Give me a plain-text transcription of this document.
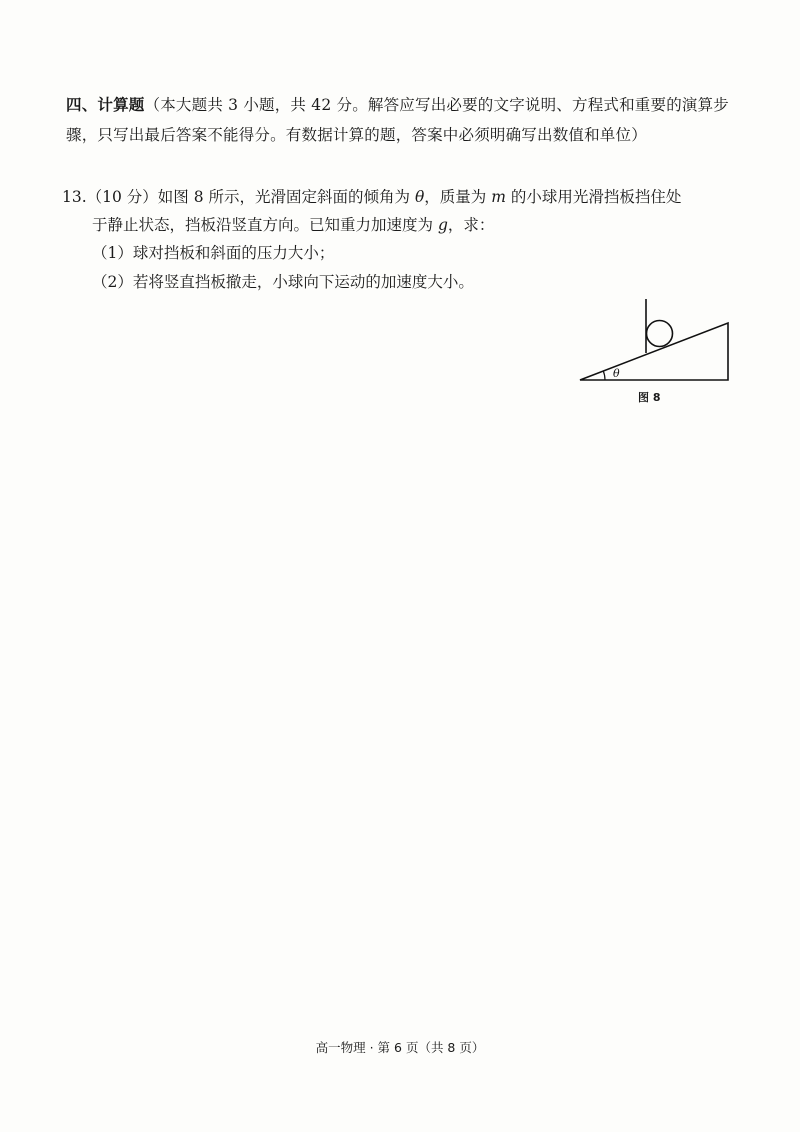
四、计算题（本大题共 3 小题，共 42 分。解答应写出必要的文字说明、方程式和重要的演算步骤，只写出最后答案不能得分。有数据计算的题，答案中必须明确写出数值和单位）
13.（10 分）如图 8 所示，光滑固定斜面的倾角为 θ，质量为 m 的小球用光滑挡板挡住处
于静止状态，挡板沿竖直方向。已知重力加速度为 g，求：
（1）球对挡板和斜面的压力大小；
（2）若将竖直挡板撤走，小球向下运动的加速度大小。
θ
图 8
高一物理 · 第 6 页（共 8 页）
